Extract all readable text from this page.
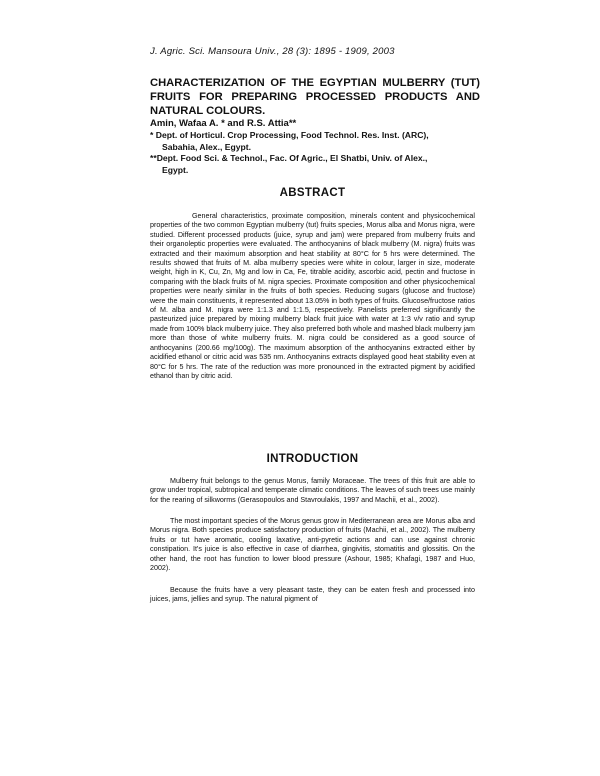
J. Agric. Sci. Mansoura Univ., 28 (3): 1895 - 1909, 2003
CHARACTERIZATION OF THE EGYPTIAN MULBERRY (TUT) FRUITS FOR PREPARING PROCESSED PRODUCTS AND NATURAL COLOURS.
Amin, Wafaa A. * and R.S. Attia**
* Dept. of Horticul. Crop Processing, Food Technol. Res. Inst. (ARC),
Sabahia, Alex., Egypt.
**Dept. Food Sci. & Technol., Fac. Of Agric., El Shatbi, Univ. of Alex.,
Egypt.
ABSTRACT

General characteristics, proximate composition, minerals content and physicochemical properties of the two common Egyptian mulberry (tut) fruits species, Morus alba and Morus nigra, were studied. Different processed products (juice, syrup and jam) were prepared from mulberry fruits and their organoleptic properties were evaluated. The anthocyanins of black mulberry (M. nigra) fruits was extracted and their maximum absorption and heat stability at 80°C for 5 hrs were determined. The results showed that fruits of M. alba mulberry species were white in colour, larger in size, moderate weight, high in K, Cu, Zn, Mg and low in Ca, Fe, titrable acidity, ascorbic acid, pectin and fructose in comparing with the black fruits of M. nigra species. Proximate composition and other physicochemical properties were nearly similar in the fruits of both species. Reducing sugars (glucose and fructose) were the main constituents, it represented about 13.05% in both types of fruits. Glucose/fructose ratios of M. alba and M. nigra were 1:1.3 and 1:1.5, respectively. Panelists preferred significantly the pasteurized juice prepared by mixing mulberry black fruit juice with water at 1:3 v/v ratio and syrup made from 100% black mulberry juice. They also preferred both whole and mashed black mulberry jam more than those of white mulberry fruits. M. nigra could be considered as a good source of anthocyanins (200.66 mg/100g). The maximum absorption of the anthocyanins extracted either by acidified ethanol or citric acid was 535 nm. Anthocyanins extracts displayed good heat stability even at 80°C for 5 hrs. The rate of the reduction was more pronounced in the extracted pigment by acidified ethanol than by citric acid.

INTRODUCTION

Mulberry fruit belongs to the genus Morus, family Moraceae. The trees of this fruit are able to grow under tropical, subtropical and temperate climatic conditions. The leaves of such trees use mainly for the rearing of silkworms (Gerasopoulos and Stavroulakis, 1997 and Machii, et al., 2002).

The most important species of the Morus genus grow in Mediterranean area are Morus alba and Morus nigra. Both species produce satisfactory production of fruits (Machii, et al., 2002). The mulberry fruits or tut have aromatic, cooling laxative, anti-pyretic actions and can use against chronic constipation. It's juice is also effective in case of diarrhea, gingivitis, stomatitis and glossitis. On the other hand, the root has function to lower blood pressure (Ashour, 1985; Khafagi, 1987 and Huo, 2002).

Because the fruits have a very pleasant taste, they can be eaten fresh and processed into juices, jams, jellies and syrup. The natural pigment of
